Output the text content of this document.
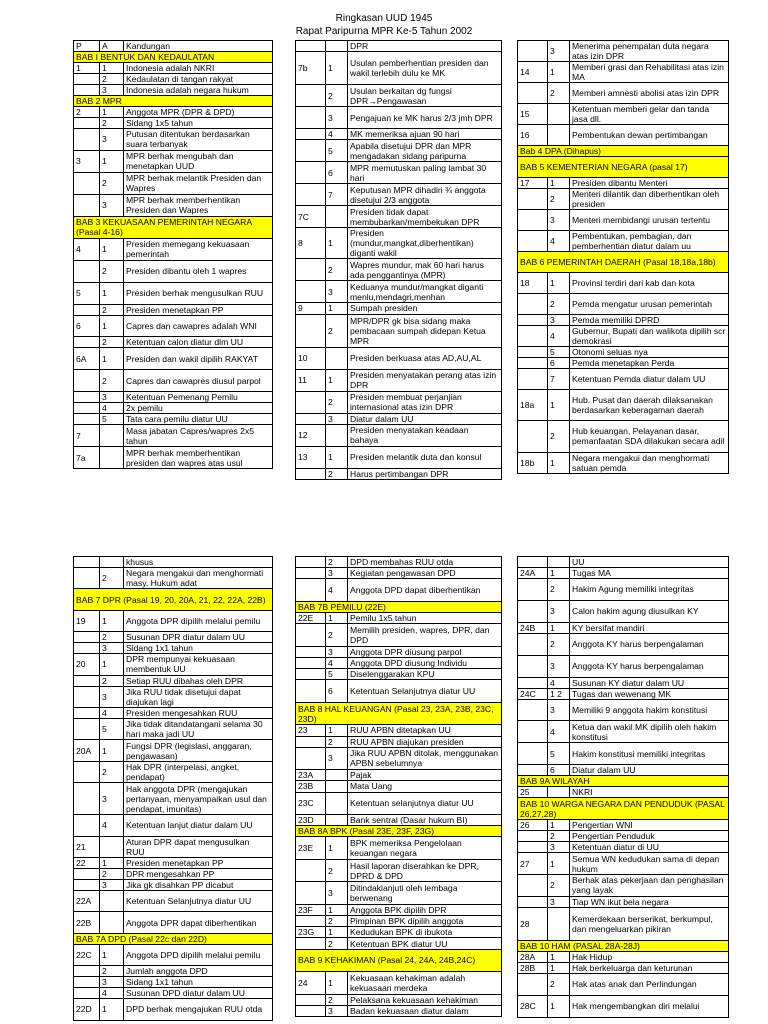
Ringkasan UUD 1945
Rapat Paripurna MPR Ke-5 Tahun 2002
P	A	Kandungan
BAB I BENTUK DAN KEDAULATAN		
1	1	Indonesia adalah NKRI
	2	Kedaulatan di tangan rakyat
	3	Indonesia adalah negara hukum
BAB 2 MPR		
2	1	Anggota MPR (DPR & DPD)
	2	Sidang 1x5 tahun
	3	Putusan ditentukan berdasarkan suara terbanyak
3	1	MPR berhak mengubah dan menetapkan UUD
	2	MPR berhak melantik Presiden dan Wapres
	3	MPR berhak memberhentikan Presiden dan Wapres
BAB 3 KEKUASAAN PEMERINTAH NEGARA (Pasal 4-16)		
4	1	Presiden memegang kekuasaan pemerintah
	2	Presiden dibantu oleh 1 wapres
5	1	Presiden berhak mengusulkan RUU
	2	Presiden menetapkan PP
6	1	Capres dan cawapres adalah WNI
	2	Ketentuan calon diatur dlm UU
6A	1	Presiden dan wakil dipilih RAKYAT
	2	Capres dan cawapres diusul parpol
	3	Ketentuan Pemenang Pemilu
	4	2x pemilu
	5	Tata cara pemilu diatur UU
7		Masa jabatan Capres/wapres 2x5 tahun
7a		MPR berhak memberhentikan presiden dan wapres atas usul
		DPR
7b	1	Usulan pemberhentian presiden dan wakil terlebih dulu ke MK
	2	Usulan berkaitan dg fungsi DPR→Pengawasan
	3	Pengajuan ke MK harus 2/3 jmh DPR
	4	MK memeriksa ajuan 90 hari
	5	Apabila disetujui DPR dan MPR mengadakan sidang paripurna
	6	MPR memutuskan paling lambat 30 hari
	7	Keputusan MPR dihadiri ¾ anggota disetujui 2/3 anggota
7C		Presiden tidak dapat membubarkan/membekukan DPR
8	1	Presiden (mundur,mangkat,diberhentikan) diganti wakil
	2	Wapres mundur, mak 60 hari harus ada penggantinya (MPR)
	3	Keduanya mundur/mangkat diganti menlu,mendagri,menhan
9	1	Sumpah presiden
	2	MPR/DPR gk bisa sidang maka pembacaan sumpah didepan Ketua MPR
10		Presiden berkuasa atas AD,AU,AL
11	1	Presiden menyatakan perang atas izin DPR
	2	Presiden membuat perjanjian internasional atas izin DPR
	3	Diatur dalam UU
12		Presiden menyatakan keadaan bahaya
13	1	Presiden melantik duta dan konsul
	2	Harus pertimbangan DPR
	3	Menerima penempatan duta negara atas izin DPR
14	1	Memberi grasi dan Rehabilitasi atas izin MA
	2	Memberi amnesti abolisi atas izin DPR
15		Ketentuan memberi gelar dan tanda jasa dll.
16		Pembentukan dewan pertimbangan
Bab 4 DPA (Dihapus)		
BAB 5 KEMENTERIAN NEGARA (pasal 17)		
17	1	Presiden dibantu Menteri
	2	Menteri dilantik dan diberhentikan oleh presiden
	3	Menteri membidangi urusan tertentu
	4	Pembentukan, pembagian, dan pemberhentian diatur dalam uu
BAB 6 PEMERINTAH DAERAH (Pasal 18,18a,18b)		
18	1	Provinsi terdiri dari kab dan kota
	2	Pemda mengatur urusan pemerintah
	3	Pemda memiliki DPRD
	4	Gubernur, Bupati dan walikota dipilih scr demokrasi
	5	Otonomi seluas nya
	6	Pemda menetapkan Perda
	7	Ketentuan Pemda diatur dalam UU
18a	1	Hub. Pusat dan daerah dilaksanakan berdasarkan keberagaman daerah
	2	Hub keuangan, Pelayanan dasar, pemanfaatan SDA dilakukan secara adil
18b	1	Negara mengakui dan menghormati satuan pemda
		khusus
	2	Negara mengakui dan menghormati masy. Hukum adat
BAB 7 DPR (Pasal 19, 20, 20A, 21, 22, 22A, 22B)		
19	1	Anggota DPR dipilih melalui pemilu
	2	Susunan DPR diatur dalam UU
	3	Sidang 1x1 tahun
20	1	DPR mempunyai kekuasaan membentuk UU
	2	Setiap RUU dibahas oleh DPR
	3	Jika RUU tidak disetujui dapat diajukan lagi
	4	Presiden mengesahkan RUU
	5	Jika tidak ditandatangani selama 30 hari maka jadi UU
20A	1	Fungsi DPR (legislasi, anggaran, pengawasan)
	2	Hak DPR (interpelasi, angket, pendapat)
	3	Hak anggota DPR (mengajukan pertanyaan, menyampaikan usul dan pendapat, imunitas)
	4	Ketentuan lanjut diatur dalam UU
21		Aturan DPR dapat mengusulkan RUU
22	1	Presiden menetapkan PP
	2	DPR mengesahkan PP
	3	Jika gk disahkan PP dicabut
22A		Ketentuan Selanjutnya diatur UU
22B		Anggota DPR dapat diberhentikan
BAB 7A DPD (Pasal 22c dan 22D)		
22C	1	Anggota DPD dipilih melalui pemilu
	2	Jumlah anggota DPD
	3	Sidang 1x1 tahun
	4	Susunan DPD diatur dalam UU
22D	1	DPD berhak mengajukan RUU otda
	2	DPD membahas RUU otda
	3	Kegiatan pengawasan DPD
	4	Anggota DPD dapat diberhentikan
BAB 7B PEMILU (22E)		
22E	1	Pemilu 1x5 tahun
	2	Memilih presiden, wapres, DPR, dan DPD
	3	Anggota DPR diusung parpol
	4	Anggota DPD diusung Individu
	5	Diselenggarakan KPU
	6	Ketentuan Selanjutnya diatur UU
BAB 8 HAL KEUANGAN (Pasal 23, 23A, 23B, 23C, 23D)		
23	1	RUU APBN ditetapkan UU
	2	RUU APBN diajukan presiden
	3	Jika RUU APBN ditolak, menggunakan APBN sebelumnya
23A		Pajak
23B		Mata Uang
23C		Ketentuan selanjutnya diatur UU
23D		Bank sentral (Dasar hukum BI)
BAB 8A BPK (Pasal 23E, 23F, 23G)		
23E	1	BPK memeriksa Pengelolaan keuangan negara
	2	Hasil laporan diserahkan ke DPR, DPRD & DPD
	3	Ditindaklanjuti oleh lembaga berwenang
23F	1	Anggota BPK dipilih DPR
	2	Pimpinan BPK dipilih anggota
23G	1	Kedudukan BPK di ibukota
	2	Ketentuan BPK diatur UU
BAB 9 KEHAKIMAN (Pasal 24, 24A, 24B,24C)		
24	1	Kekuasaan kehakiman adalah kekuasaan merdeka
	2	Pelaksana kekuasaan kehakiman
	3	Badan kekuasaan diatur dalam
		UU
24A	1	Tugas MA
	2	Hakim Agung memiliki integritas
	3	Calon hakim agung diusulkan KY
24B	1	KY bersifat mandiri
	2	Anggota KY harus berpengalaman
	3	Anggota KY harus berpengalaman
	4	Susunan KY diatur dalam UU
24C	1 2	Tugas dan wewenang MK
	3	Memiliki 9 anggota hakim konstitusi
	4	Ketua dan wakil MK dipilih oleh hakim konstitusi
	5	Hakim konstitusi memiliki integritas
	6	Diatur dalam UU
BAB 9A WILAYAH		
25		NKRI
BAB 10 WARGA NEGARA DAN PENDUDUK (PASAL 26,27,28)		
26	1	Pengertian WNI
	2	Pengertian Penduduk
	3	Ketentuan diatur di UU
27	1	Semua WN kedudukan sama di depan hukum
	2	Berhak atas pekerjaan dan penghasilan yang layak
	3	Tiap WN ikut bela negara
28		Kemerdekaan berserikat, berkumpul, dan mengeluarkan pikiran
BAB 10 HAM (PASAL 28A-28J)		
28A	1	Hak Hidup
28B	1	Hak berkeluarga dan keturunan
	2	Hak atas anak dan Perlindungan
28C	1	Hak mengembangkan diri melalui
